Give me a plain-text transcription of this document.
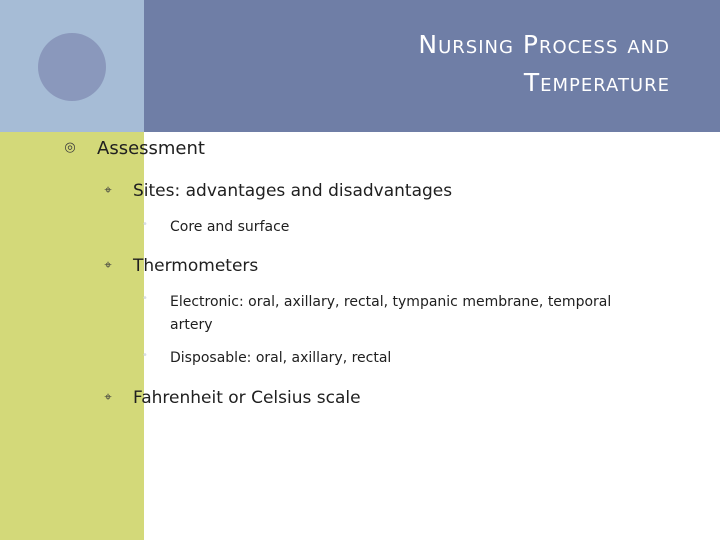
Nursing Process and
Temperature
◎ Assessment
⌖ Sites: advantages and disadvantages
• Core and surface
⌖ Thermometers
• Electronic: oral, axillary, rectal, tympanic membrane, temporal
artery
• Disposable: oral, axillary, rectal
⌖ Fahrenheit or Celsius scale
